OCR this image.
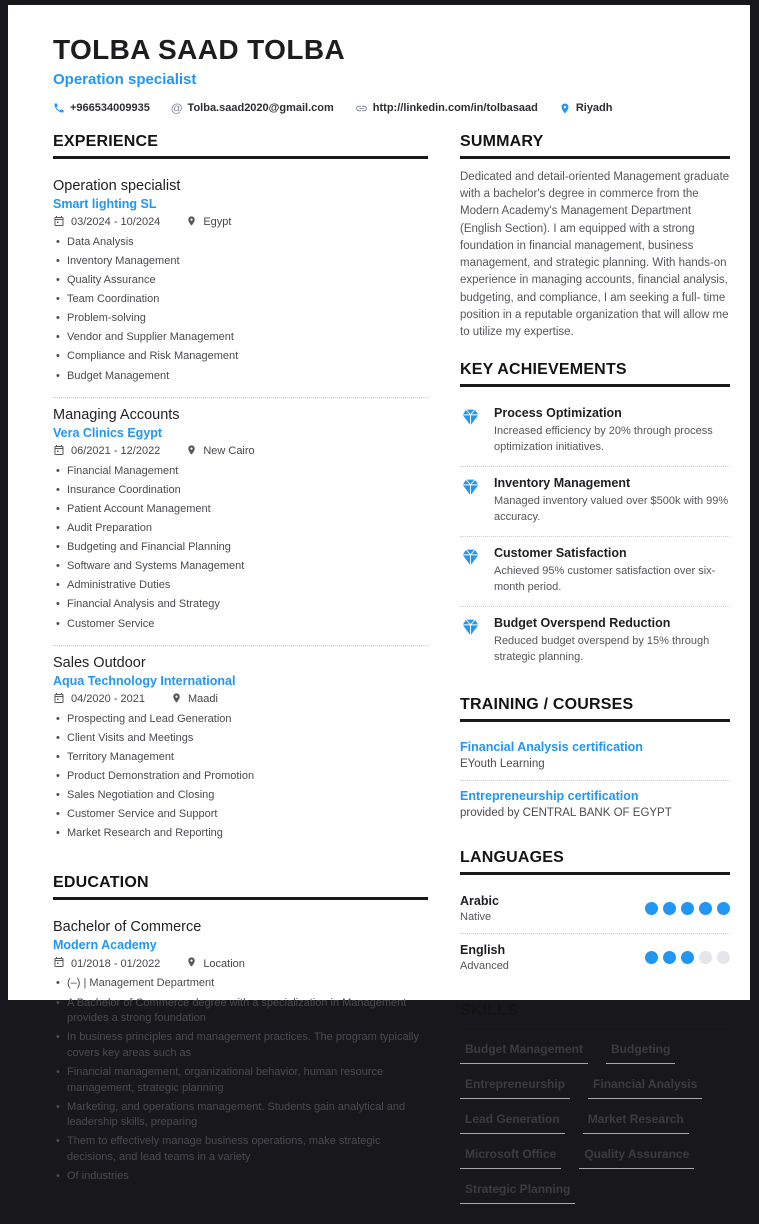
TOLBA SAAD TOLBA
Operation specialist
+966534009935 @ Tolba.saad2020@gmail.com	http://linkedin.com/in/tolbasaad	Riyadh
EXPERIENCE
Operation specialist
Smart lighting SL
03/2024 - 10/2024	Egypt
• Data Analysis
• Inventory Management
• Quality Assurance
• Team Coordination
• Problem-solving
• Vendor and Supplier Management
• Compliance and Risk Management
• Budget Management
Managing Accounts
Vera Clinics Egypt
06/2021 - 12/2022	New Cairo
• Financial Management
• Insurance Coordination
• Patient Account Management
• Audit Preparation
• Budgeting and Financial Planning
• Software and Systems Management
• Administrative Duties
• Financial Analysis and Strategy
• Customer Service
Sales Outdoor
Aqua Technology International
04/2020 - 2021	Maadi
• Prospecting and Lead Generation
• Client Visits and Meetings
• Territory Management
• Product Demonstration and Promotion
• Sales Negotiation and Closing
• Customer Service and Support
• Market Research and Reporting
EDUCATION
Bachelor of Commerce
Modern Academy
01/2018 - 01/2022	Location
• (–) | Management Department
• A Bachelor of Commerce degree with a specialization in Management provides a strong foundation
• In business principles and management practices. The program typically covers key areas such as
• Financial management, organizational behavior, human resource management, strategic planning
• Marketing, and operations management. Students gain analytical and leadership skills, preparing
• Them to effectively manage business operations, make strategic decisions, and lead teams in a variety
• Of industries
SUMMARY

Dedicated and detail-oriented Management graduate with a bachelor's degree in commerce from the Modern Academy's Management Department (English Section). I am equipped with a strong foundation in financial management, business management, and strategic planning. With hands-on experience in managing accounts, financial analysis, budgeting, and compliance, I am seeking a full- time position in a reputable organization that will allow me to utilize my expertise.

KEY ACHIEVEMENTS
Process Optimization

Increased efficiency by 20% through process optimization initiatives.

Inventory Management

Managed inventory valued over $500k with 99% accuracy.

Customer Satisfaction

Achieved 95% customer satisfaction over six-month period.

Budget Overspend Reduction

Reduced budget overspend by 15% through strategic planning.

TRAINING / COURSES
Financial Analysis certification
EYouth Learning
Entrepreneurship certification
provided by CENTRAL BANK OF EGYPT
LANGUAGES
Arabic
Native
English
Advanced
SKILLS
Budget Management	Budgeting
Entrepreneurship	Financial Analysis
Lead Generation	Market Research
Microsoft Office	Quality Assurance
Strategic Planning
